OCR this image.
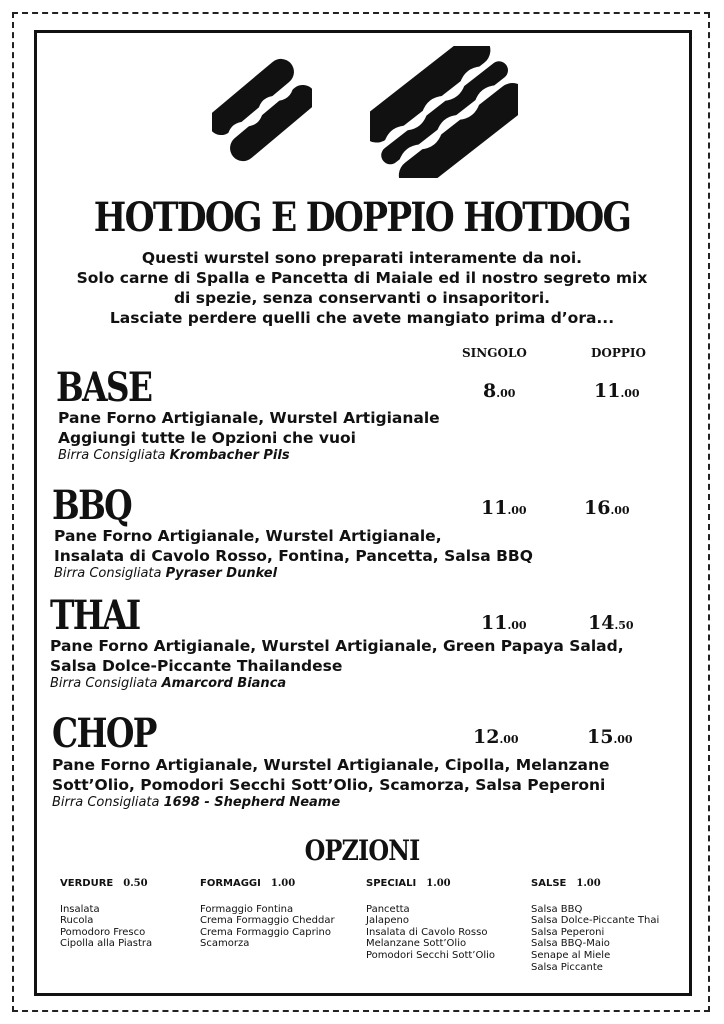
HOTDOG E DOPPIO HOTDOG
Questi wurstel sono preparati interamente da noi.
Solo carne di Spalla e Pancetta di Maiale ed il nostro segreto mix
di spezie, senza conservanti o insaporitori.
Lasciate perdere quelli che avete mangiato prima d’ora...
SINGOLO	DOPPIO
BASE	8.00	11.00
Pane Forno Artigianale, Wurstel Artigianale
Aggiungi tutte le Opzioni che vuoi
Birra Consigliata Krombacher Pils
BBQ	11.00	16.00
Pane Forno Artigianale, Wurstel Artigianale,
Insalata di Cavolo Rosso, Fontina, Pancetta, Salsa BBQ
Birra Consigliata Pyraser Dunkel
THAI	11.00	14.50
Pane Forno Artigianale, Wurstel Artigianale, Green Papaya Salad,
Salsa Dolce-Piccante Thailandese
Birra Consigliata Amarcord Bianca
CHOP	12.00	15.00
Pane Forno Artigianale, Wurstel Artigianale, Cipolla, Melanzane
Sott’Olio, Pomodori Secchi Sott’Olio, Scamorza, Salsa Peperoni
Birra Consigliata 1698 - Shepherd Neame
OPZIONI
VERDURE 0.50
Insalata
Rucola
Pomodoro Fresco
Cipolla alla Piastra
FORMAGGI 1.00
Formaggio Fontina
Crema Formaggio Cheddar
Crema Formaggio Caprino
Scamorza
SPECIALI 1.00
Pancetta
Jalapeno
Insalata di Cavolo Rosso
Melanzane Sott’Olio
Pomodori Secchi Sott’Olio
SALSE 1.00
Salsa BBQ
Salsa Dolce-Piccante Thai
Salsa Peperoni
Salsa BBQ-Maio
Senape al Miele
Salsa Piccante
